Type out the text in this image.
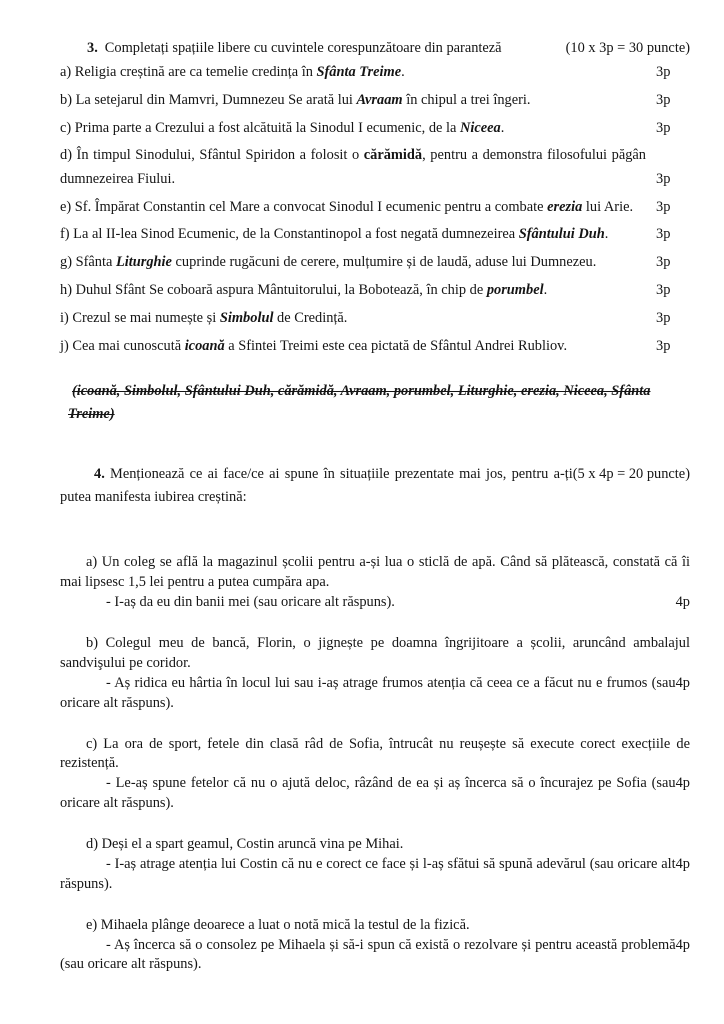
3. Completați spațiile libere cu cuvintele corespunzătoare din paranteză	(10 x 3p = 30 puncte)
a) Religia creștină are ca temelie credința în Sfânta Treime.	3p
b) La setejarul din Mamvri, Dumnezeu Se arată lui Avraam în chipul a trei îngeri.	3p
c) Prima parte a Crezului a fost alcătuită la Sinodul I ecumenic, de la Niceea.	3p
d) În timpul Sinodului, Sfântul Spiridon a folosit o cărămidă, pentru a demonstra filosofului păgân dumnezeirea Fiului.	3p
e) Sf. Împărat Constantin cel Mare a convocat Sinodul I ecumenic pentru a combate erezia lui Arie. 3p
f) La al II-lea Sinod Ecumenic, de la Constantinopol a fost negată dumnezeirea Sfântului Duh.	3p
g) Sfânta Liturghie cuprinde rugăcuni de cerere, mulțumire și de laudă, aduse lui Dumnezeu.	3p
h) Duhul Sfânt Se coboară aspura Mântuitorului, la Bobotează, în chip de porumbel.	3p
i) Crezul se mai numește și Simbolul de Credință.	3p
j) Cea mai cunoscută icoană a Sfintei Treimi este cea pictată de Sfântul Andrei Rubliov.	3p
(icoană, Simbolul, Sfântului Duh, cărămidă, Avraam, porumbel, Liturghie, erezia, Niceea, Sfânta Treime)
(5 x 4p = 20 puncte)
4. Menționează ce ai face/ce ai spune în situațiile prezentate mai jos, pentru a-ți putea manifesta iubirea creștină:

a) Un coleg se află la magazinul școlii pentru a-și lua o sticlă de apă. Când să plătească, constată că îi mai lipsesc 1,5 lei pentru a putea cumpăra apa.

- I-aș da eu din banii mei (sau oricare alt răspuns).	4p

b) Colegul meu de bancă, Florin, o jignește pe doamna îngrijitoare a școlii, aruncând ambalajul sandvişului pe coridor.

4p
- Aș ridica eu hârtia în locul lui sau i-aș atrage frumos atenția că ceea ce a făcut nu e frumos (sau oricare alt răspuns).

c) La ora de sport, fetele din clasă râd de Sofia, întrucât nu reușește să execute corect execțiile de rezistență.

4p
- Le-aș spune fetelor că nu o ajută deloc, râzând de ea și aș încerca să o încurajez pe Sofia (sau oricare alt răspuns).

d) Deși el a spart geamul, Costin aruncă vina pe Mihai.

4p
- I-aș atrage atenția lui Costin că nu e corect ce face și l-aș sfătui să spună adevărul (sau oricare alt răspuns).

e) Mihaela plânge deoarece a luat o notă mică la testul de la fizică.

4p
- Aș încerca să o consolez pe Mihaela și să-i spun că există o rezolvare și pentru această problemă (sau oricare alt răspuns).
